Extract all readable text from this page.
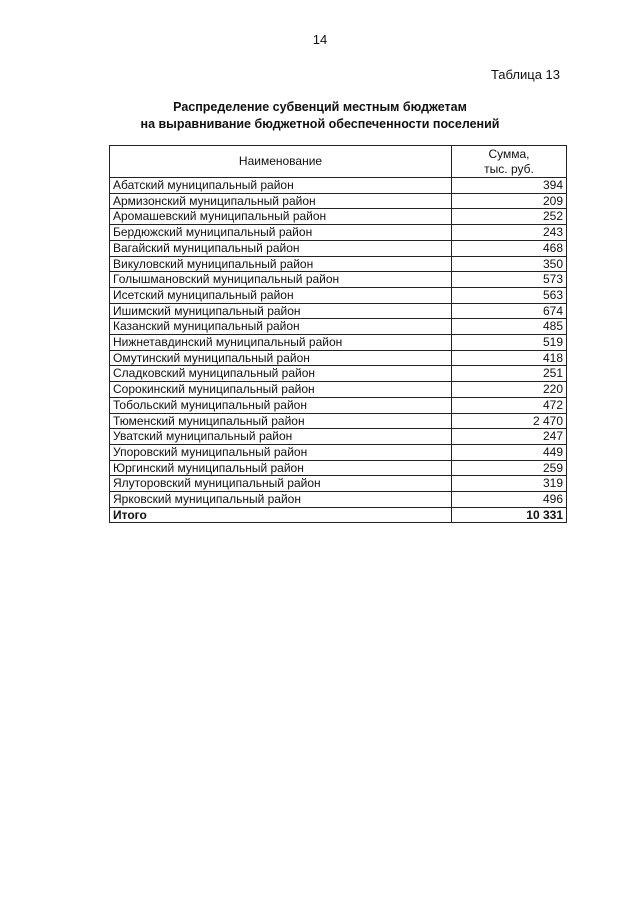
14
Таблица 13
Распределение субвенций местным бюджетам
на выравнивание бюджетной обеспеченности поселений
Наименование	Сумма,
тыс. руб.

Абатский муниципальный район	394
Армизонский муниципальный район	209
Аромашевский муниципальный район	252
Бердюжский муниципальный район	243
Вагайский муниципальный район	468
Викуловский муниципальный район	350
Голышмановский муниципальный район	573
Исетский муниципальный район	563
Ишимский муниципальный район	674
Казанский муниципальный район	485
Нижнетавдинский муниципальный район	519
Омутинский муниципальный район	418
Сладковский муниципальный район	251
Сорокинский муниципальный район	220
Тобольский муниципальный район	472
Тюменский муниципальный район	2 470
Уватский муниципальный район	247
Упоровский муниципальный район	449
Юргинский муниципальный район	259
Ялуторовский муниципальный район	319
Ярковский муниципальный район	496
Итого	10 331
